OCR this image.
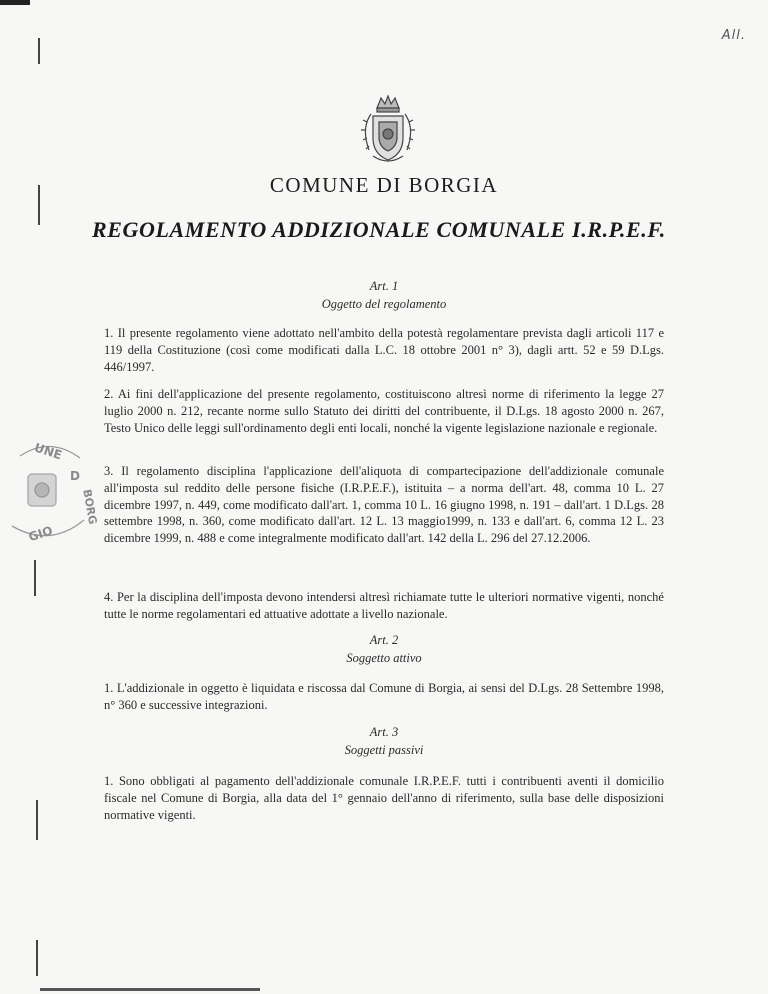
All.
COMUNE DI BORGIA
REGOLAMENTO ADDIZIONALE COMUNALE I.R.P.E.F.
Art. 1
Oggetto del regolamento
1. Il presente regolamento viene adottato nell'ambito della potestà regolamentare prevista dagli articoli 117 e 119 della Costituzione (così come modificati dalla L.C. 18 ottobre 2001 n° 3), dagli artt. 52 e 59 D.Lgs. 446/1997.
2. Ai fini dell'applicazione del presente regolamento, costituiscono altresì norme di riferimento la legge 27 luglio 2000 n. 212, recante norme sullo Statuto dei diritti del contribuente, il D.Lgs. 18 agosto 2000 n. 267, Testo Unico delle leggi sull'ordinamento degli enti locali, nonché la vigente legislazione nazionale e regionale.
3. Il regolamento disciplina l'applicazione dell'aliquota di compartecipazione dell'addizionale comunale all'imposta sul reddito delle persone fisiche (I.R.P.E.F.), istituita – a norma dell'art. 48, comma 10 L. 27 dicembre 1997, n. 449, come modificato dall'art. 1, comma 10 L. 16 giugno 1998, n. 191 – dall'art. 1 D.Lgs. 28 settembre 1998, n. 360, come modificato dall'art. 12 L. 13 maggio1999, n. 133 e dall'art. 6, comma 12 L. 23 dicembre 1999, n. 488 e come integralmente modificato dall'art. 142 della L. 296 del 27.12.2006.
4. Per la disciplina dell'imposta devono intendersi altresì richiamate tutte le ulteriori normative vigenti, nonché tutte le norme regolamentari ed attuative adottate a livello nazionale.
Art. 2
Soggetto attivo
1. L'addizionale in oggetto è liquidata e riscossa dal Comune di Borgia, ai sensi del D.Lgs. 28 Settembre 1998, n° 360 e successive integrazioni.
Art. 3
Soggetti passivi
1. Sono obbligati al pagamento dell'addizionale comunale I.R.P.E.F. tutti i contribuenti aventi il domicilio fiscale nel Comune di Borgia, alla data del 1° gennaio dell'anno di riferimento, sulla base delle disposizioni normative vigenti.
UNE
D
BORG
GIO
